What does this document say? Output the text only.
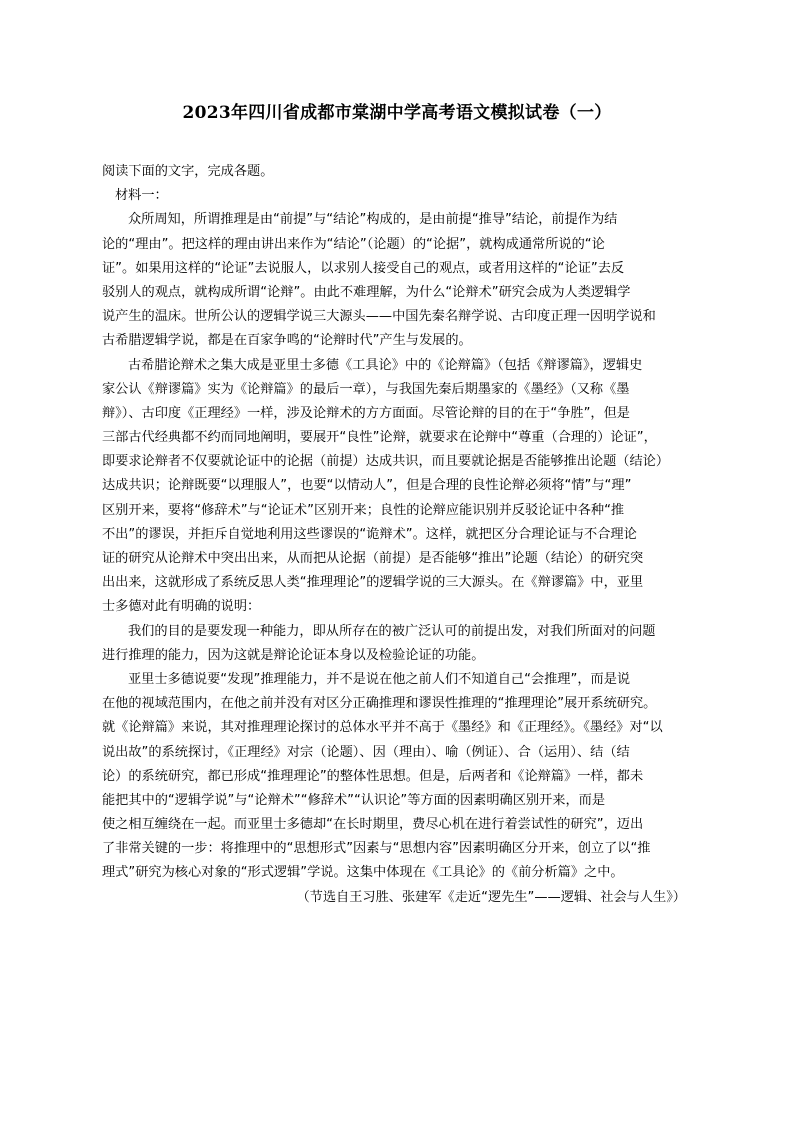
2023年四川省成都市棠湖中学高考语文模拟试卷（一）
阅读下面的文字，完成各题。
材料一：
众所周知，所谓推理是由“前提”与“结论”构成的，是由前提“推导”结论，前提作为结
论的“理由”。把这样的理由讲出来作为“结论”（论题）的“论据”，就构成通常所说的“论
证”。如果用这样的“论证”去说服人，以求别人接受自己的观点，或者用这样的“论证”去反
驳别人的观点，就构成所谓“论辩”。由此不难理解，为什么“论辩术”研究会成为人类逻辑学
说产生的温床。世所公认的逻辑学说三大源头——中国先秦名辩学说、古印度正理一因明学说和
古希腊逻辑学说，都是在百家争鸣的“论辩时代”产生与发展的。
古希腊论辩术之集大成是亚里士多德《工具论》中的《论辩篇》（包括《辩谬篇》，逻辑史
家公认《辩谬篇》实为《论辩篇》的最后一章），与我国先秦后期墨家的《墨经》（又称《墨
辩》）、古印度《正理经》一样，涉及论辩术的方方面面。尽管论辩的目的在于“争胜”，但是
三部古代经典都不约而同地阐明，要展开“良性”论辩，就要求在论辩中“尊重（合理的）论证”，
即要求论辩者不仅要就论证中的论据（前提）达成共识，而且要就论据是否能够推出论题（结论）
达成共识；论辩既要“以理服人”，也要“以情动人”，但是合理的良性论辩必须将“情”与“理”
区别开来，要将“修辞术”与“论证术”区别开来；良性的论辩应能识别并反驳论证中各种“推
不出”的谬误，并拒斥自觉地利用这些谬误的“诡辩术”。这样，就把区分合理论证与不合理论
证的研究从论辩术中突出出来，从而把从论据（前提）是否能够“推出”论题（结论）的研究突
出出来，这就形成了系统反思人类“推理理论”的逻辑学说的三大源头。在《辩谬篇》中，亚里
士多德对此有明确的说明：
我们的目的是要发现一种能力，即从所存在的被广泛认可的前提出发，对我们所面对的问题
进行推理的能力，因为这就是辩论论证本身以及检验论证的功能。
亚里士多德说要“发现”推理能力，并不是说在他之前人们不知道自己“会推理”，而是说
在他的视域范围内，在他之前并没有对区分正确推理和谬误性推理的“推理理论”展开系统研究。
就《论辩篇》来说，其对推理理论探讨的总体水平并不高于《墨经》和《正理经》。《墨经》对“以
说出故”的系统探讨，《正理经》对宗（论题）、因（理由）、喻（例证）、合（运用）、结（结
论）的系统研究，都已形成“推理理论”的整体性思想。但是，后两者和《论辩篇》一样，都未
能把其中的“逻辑学说”与“论辩术”“修辞术”“认识论”等方面的因素明确区别开来，而是
使之相互缠绕在一起。而亚里士多德却“在长时期里，费尽心机在进行着尝试性的研究”，迈出
了非常关键的一步：将推理中的“思想形式”因素与“思想内容”因素明确区分开来，创立了以“推
理式”研究为核心对象的“形式逻辑”学说。这集中体现在《工具论》的《前分析篇》之中。
（节选自王习胜、张建军《走近“逻先生”——逻辑、社会与人生》）
